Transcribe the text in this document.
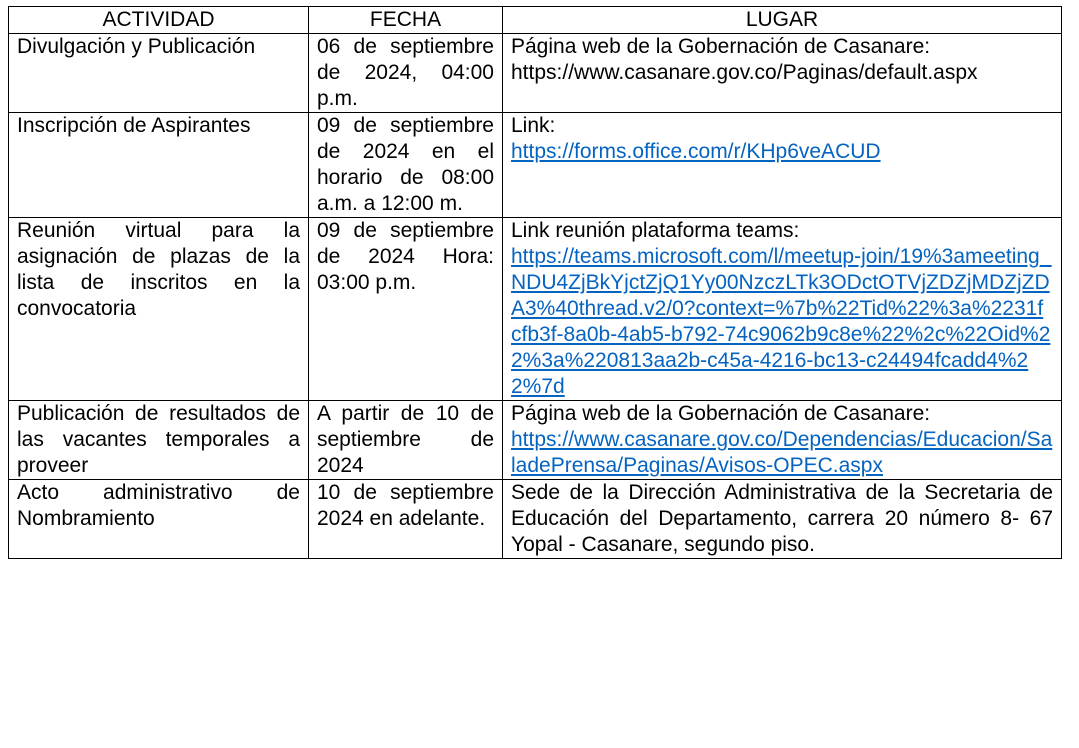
ACTIVIDAD	FECHA	LUGAR
Divulgación y Publicación	06 de septiembre de 2024, 04:00 p.m.	Página web de la Gobernación de Casanare:
https://www.casanare.gov.co/Paginas/default.aspx

Inscripción de Aspirantes	09 de septiembre de 2024 en el horario de 08:00 a.m. a 12:00 m.	Link:
https://forms.office.com/r/KHp6veACUD

Reunión virtual para la asignación de plazas de la lista de inscritos en la convocatoria	09 de septiembre de 2024 Hora: 03:00 p.m.	Link reunión plataforma teams:
https://teams.microsoft.com/l/meetup-join/19%3ameeting_NDU4ZjBkYjctZjQ1Yy00NzczLTk3ODctOTVjZDZjMDZjZDA3%40thread.v2/0?context=%7b%22Tid%22%3a%2231fcfb3f-8a0b-4ab5-b792-74c9062b9c8e%22%2c%22Oid%22%3a%220813aa2b-c45a-4216-bc13-c24494fcadd4%22%7d

Publicación de resultados de las vacantes temporales a proveer	A partir de 10 de septiembre de 2024	Página web de la Gobernación de Casanare:
https://www.casanare.gov.co/Dependencias/Educacion/SaladePrensa/Paginas/Avisos-OPEC.aspx

Acto administrativo de Nombramiento	10 de septiembre 2024 en adelante.	Sede de la Dirección Administrativa de la Secretaria de Educación del Departamento, carrera 20 número 8- 67 Yopal - Casanare, segundo piso.
